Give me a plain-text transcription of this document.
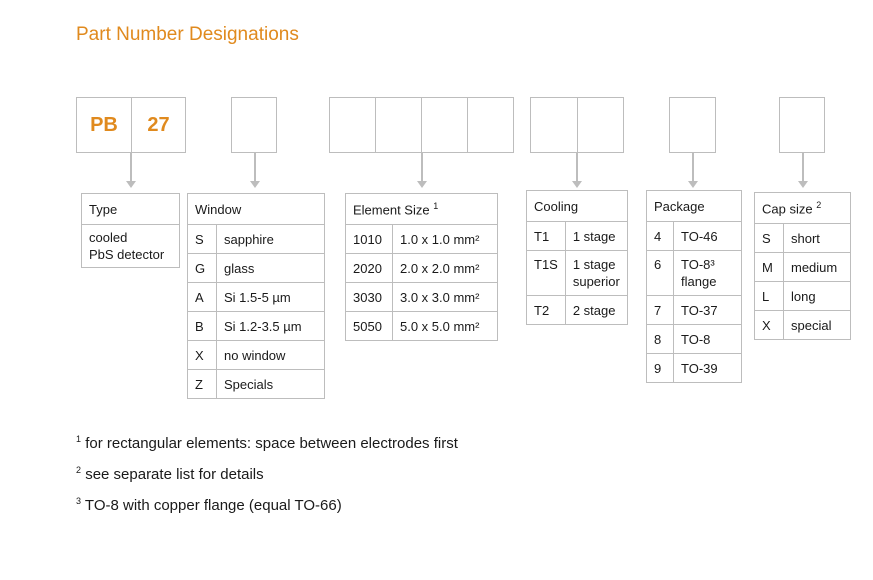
Part Number Designations
PB	27
Type
cooled
PbS detector
Window	
S	sapphire
G	glass
A	Si 1.5-5 µm
B	Si 1.2-3.5 µm
X	no window
Z	Specials
Element Size $^1$
1010	1.0 x 1.0 mm²
2020	2.0 x 2.0 mm²
3030	3.0 x 3.0 mm²
5050	5.0 x 5.0 mm²
Cooling	
T1	1 stage
T1S	1 stage
superior
T2	2 stage
Package	
4	TO-46
6	TO-8³
flange
7	TO-37
8	TO-8
9	TO-39
Cap size $^2$
S	short
M	medium
L	long
X	special
$^1$ for rectangular elements: space between electrodes first
$^2$ see separate list for details
$^3$ TO-8 with copper flange (equal TO-66)
